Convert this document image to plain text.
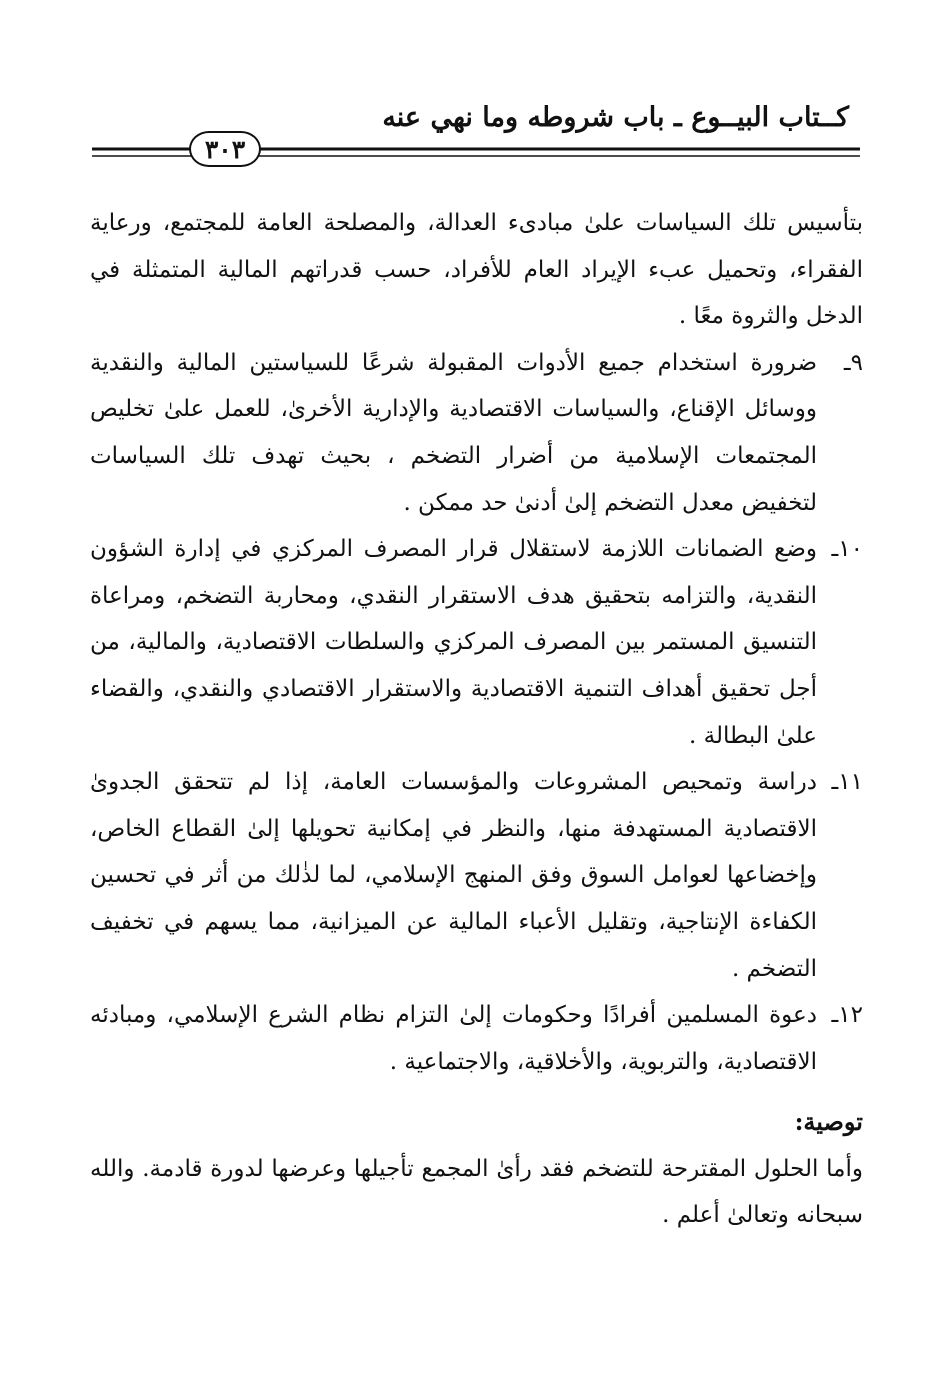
كــتاب البيــوع ـ باب شروطه وما نهي عنه
٣٠٣

بتأسيس تلك السياسات علىٰ مبادىء العدالة، والمصلحة العامة للمجتمع، ورعاية الفقراء، وتحميل عبء الإيراد العام للأفراد، حسب قدراتهم المالية المتمثلة في الدخل والثروة معًا .

٩ـ
ضرورة استخدام جميع الأدوات المقبولة شرعًا للسياستين المالية والنقدية ووسائل الإقناع، والسياسات الاقتصادية والإدارية الأخرىٰ، للعمل علىٰ تخليص المجتمعات الإسلامية من أضرار التضخم ، بحيث تهدف تلك السياسات لتخفيض معدل التضخم إلىٰ أدنىٰ حد ممكن .
١٠ـ
وضع الضمانات اللازمة لاستقلال قرار المصرف المركزي في إدارة الشؤون النقدية، والتزامه بتحقيق هدف الاستقرار النقدي، ومحاربة التضخم، ومراعاة التنسيق المستمر بين المصرف المركزي والسلطات الاقتصادية، والمالية، من أجل تحقيق أهداف التنمية الاقتصادية والاستقرار الاقتصادي والنقدي، والقضاء علىٰ البطالة .
١١ـ
دراسة وتمحيص المشروعات والمؤسسات العامة، إذا لم تتحقق الجدوىٰ الاقتصادية المستهدفة منها، والنظر في إمكانية تحويلها إلىٰ القطاع الخاص، وإخضاعها لعوامل السوق وفق المنهج الإسلامي، لما لذٰلك من أثر في تحسين الكفاءة الإنتاجية، وتقليل الأعباء المالية عن الميزانية، مما يسهم في تخفيف التضخم .
١٢ـ
دعوة المسلمين أفرادًا وحكومات إلىٰ التزام نظام الشرع الإسلامي، ومبادئه الاقتصادية، والتربوية، والأخلاقية، والاجتماعية .

توصية:

وأما الحلول المقترحة للتضخم فقد رأىٰ المجمع تأجيلها وعرضها لدورة قادمة. والله سبحانه وتعالىٰ أعلم .
